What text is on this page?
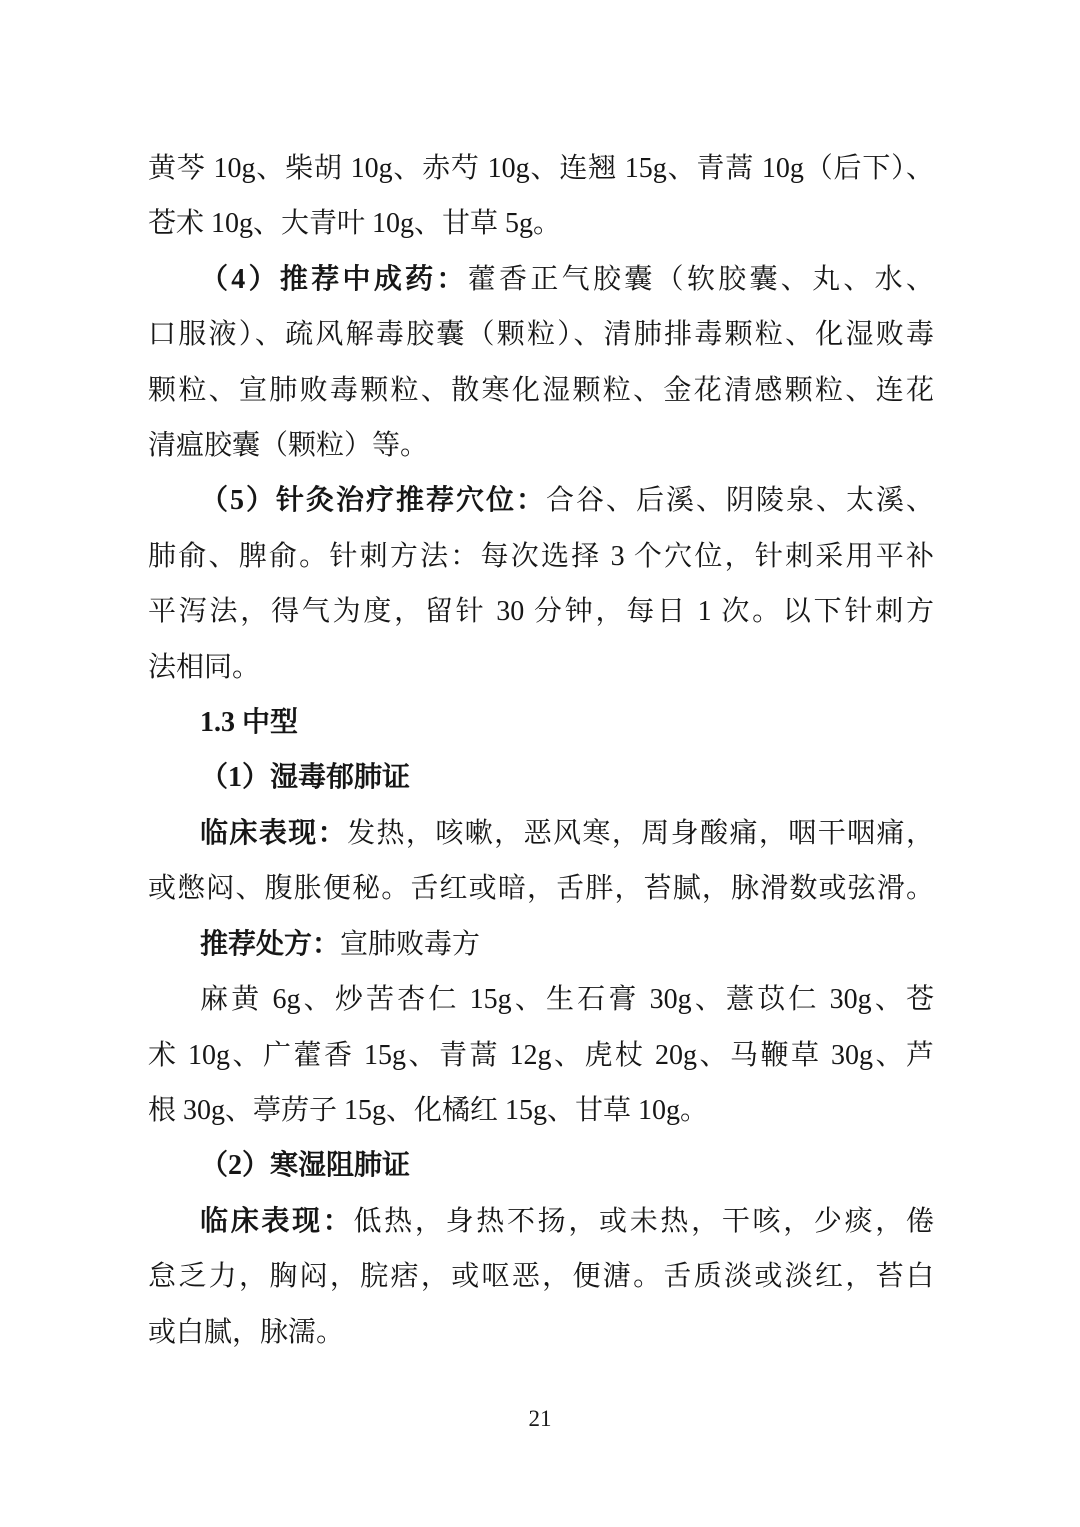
黄芩 10g、柴胡 10g、赤芍 10g、连翘 15g、青蒿 10g（后下）、
苍术 10g、大青叶 10g、甘草 5g。
（4）推荐中成药：藿香正气胶囊（软胶囊、丸、水、
口服液）、疏风解毒胶囊（颗粒）、清肺排毒颗粒、化湿败毒
颗粒、宣肺败毒颗粒、散寒化湿颗粒、金花清感颗粒、连花
清瘟胶囊（颗粒）等。
（5）针灸治疗推荐穴位：合谷、后溪、阴陵泉、太溪、
肺俞、脾俞。针刺方法：每次选择 3 个穴位，针刺采用平补
平泻法，得气为度，留针 30 分钟，每日 1 次。以下针刺方
法相同。
1.3 中型
（1）湿毒郁肺证
临床表现：发热，咳嗽，恶风寒，周身酸痛，咽干咽痛，
或憋闷、腹胀便秘。舌红或暗，舌胖，苔腻，脉滑数或弦滑。
推荐处方：宣肺败毒方
麻黄 6g、炒苦杏仁 15g、生石膏 30g、薏苡仁 30g、苍
术 10g、广藿香 15g、青蒿 12g、虎杖 20g、马鞭草 30g、芦
根 30g、葶苈子 15g、化橘红 15g、甘草 10g。
（2）寒湿阻肺证
临床表现：低热，身热不扬，或未热，干咳，少痰，倦
怠乏力，胸闷，脘痞，或呕恶，便溏。舌质淡或淡红，苔白
或白腻，脉濡。
21
